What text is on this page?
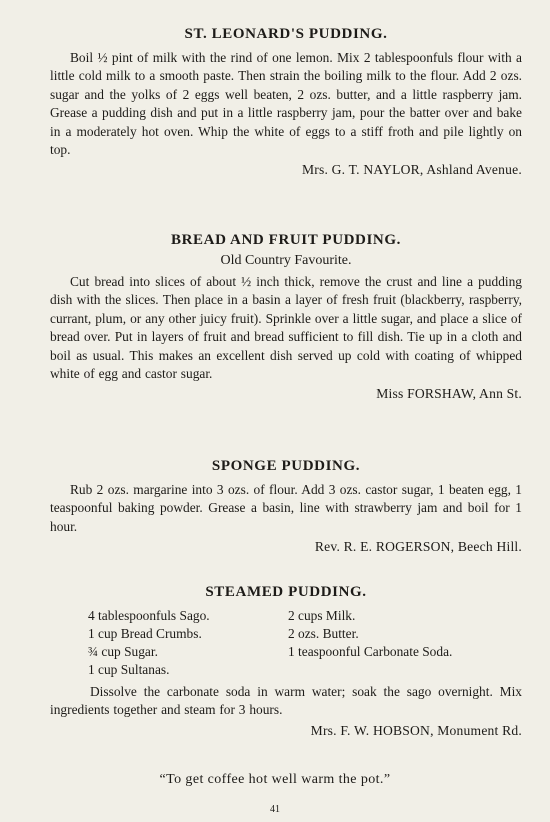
ST. LEONARD'S PUDDING.

Boil ½ pint of milk with the rind of one lemon. Mix 2 tablespoonfuls flour with a little cold milk to a smooth paste. Then strain the boiling milk to the flour. Add 2 ozs. sugar and the yolks of 2 eggs well beaten, 2 ozs. butter, and a little raspberry jam. Grease a pudding dish and put in a little raspberry jam, pour the batter over and bake in a moderately hot oven. Whip the white of eggs to a stiff froth and pile lightly on top.

Mrs. G. T. NAYLOR, Ashland Avenue.
BREAD AND FRUIT PUDDING.
Old Country Favourite.

Cut bread into slices of about ½ inch thick, remove the crust and line a pudding dish with the slices. Then place in a basin a layer of fresh fruit (blackberry, raspberry, currant, plum, or any other juicy fruit). Sprinkle over a little sugar, and place a slice of bread over. Put in layers of fruit and bread sufficient to fill dish. Tie up in a cloth and boil as usual. This makes an excellent dish served up cold with coating of whipped white of egg and castor sugar.

Miss FORSHAW, Ann St.
SPONGE PUDDING.

Rub 2 ozs. margarine into 3 ozs. of flour. Add 3 ozs. castor sugar, 1 beaten egg, 1 teaspoonful baking powder. Grease a basin, line with strawberry jam and boil for 1 hour.

Rev. R. E. ROGERSON, Beech Hill.
STEAMED PUDDING.
4 tablespoonfuls Sago.
1 cup Bread Crumbs.
¾ cup Sugar.
1 cup Sultanas.
2 cups Milk.
2 ozs. Butter.
1 teaspoonful Carbonate Soda.

Dissolve the carbonate soda in warm water; soak the sago overnight. Mix ingredients together and steam for 3 hours.

Mrs. F. W. HOBSON, Monument Rd.
“To get coffee hot well warm the pot.”
41
